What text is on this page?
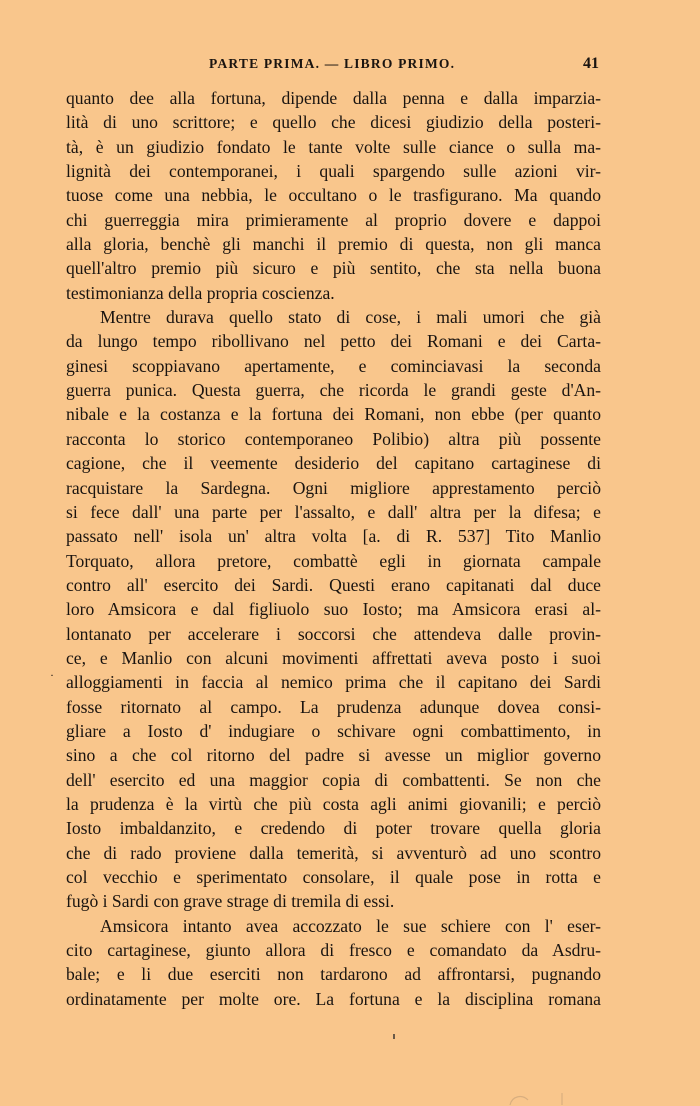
PARTE PRIMA. — LIBRO PRIMO.	41
quanto dee alla fortuna, dipende dalla penna e dalla imparzia-
lità di uno scrittore; e quello che dicesi giudizio della posteri-
tà, è un giudizio fondato le tante volte sulle ciance o sulla ma-
lignità dei contemporanei, i quali spargendo sulle azioni vir-
tuose come una nebbia, le occultano o le trasfigurano. Ma quando
chi guerreggia mira primieramente al proprio dovere e dappoi
alla gloria, benchè gli manchi il premio di questa, non gli manca
quell'altro premio più sicuro e più sentito, che sta nella buona
testimonianza della propria coscienza.
Mentre durava quello stato di cose, i mali umori che già
da lungo tempo ribollivano nel petto dei Romani e dei Carta-
ginesi scoppiavano apertamente, e cominciavasi la seconda
guerra punica. Questa guerra, che ricorda le grandi geste d'An-
nibale e la costanza e la fortuna dei Romani, non ebbe (per quanto
racconta lo storico contemporaneo Polibio) altra più possente
cagione, che il veemente desiderio del capitano cartaginese di
racquistare la Sardegna. Ogni migliore apprestamento perciò
si fece dall' una parte per l'assalto, e dall' altra per la difesa; e
passato nell' isola un' altra volta [a. di R. 537] Tito Manlio
Torquato, allora pretore, combattè egli in giornata campale
contro all' esercito dei Sardi. Questi erano capitanati dal duce
loro Amsicora e dal figliuolo suo Iosto; ma Amsicora erasi al-
lontanato per accelerare i soccorsi che attendeva dalle provin-
ce, e Manlio con alcuni movimenti affrettati aveva posto i suoi
alloggiamenti in faccia al nemico prima che il capitano dei Sardi
fosse ritornato al campo. La prudenza adunque dovea consi-
gliare a Iosto d' indugiare o schivare ogni combattimento, in
sino a che col ritorno del padre si avesse un miglior governo
dell' esercito ed una maggior copia di combattenti. Se non che
la prudenza è la virtù che più costa agli animi giovanili; e perciò
Iosto imbaldanzito, e credendo di poter trovare quella gloria
che di rado proviene dalla temerità, si avventurò ad uno scontro
col vecchio e sperimentato consolare, il quale pose in rotta e
fugò i Sardi con grave strage di tremila di essi.
Amsicora intanto avea accozzato le sue schiere con l' eser-
cito cartaginese, giunto allora di fresco e comandato da Asdru-
bale; e li due eserciti non tardarono ad affrontarsi, pugnando
ordinatamente per molte ore. La fortuna e la disciplina romana
·
